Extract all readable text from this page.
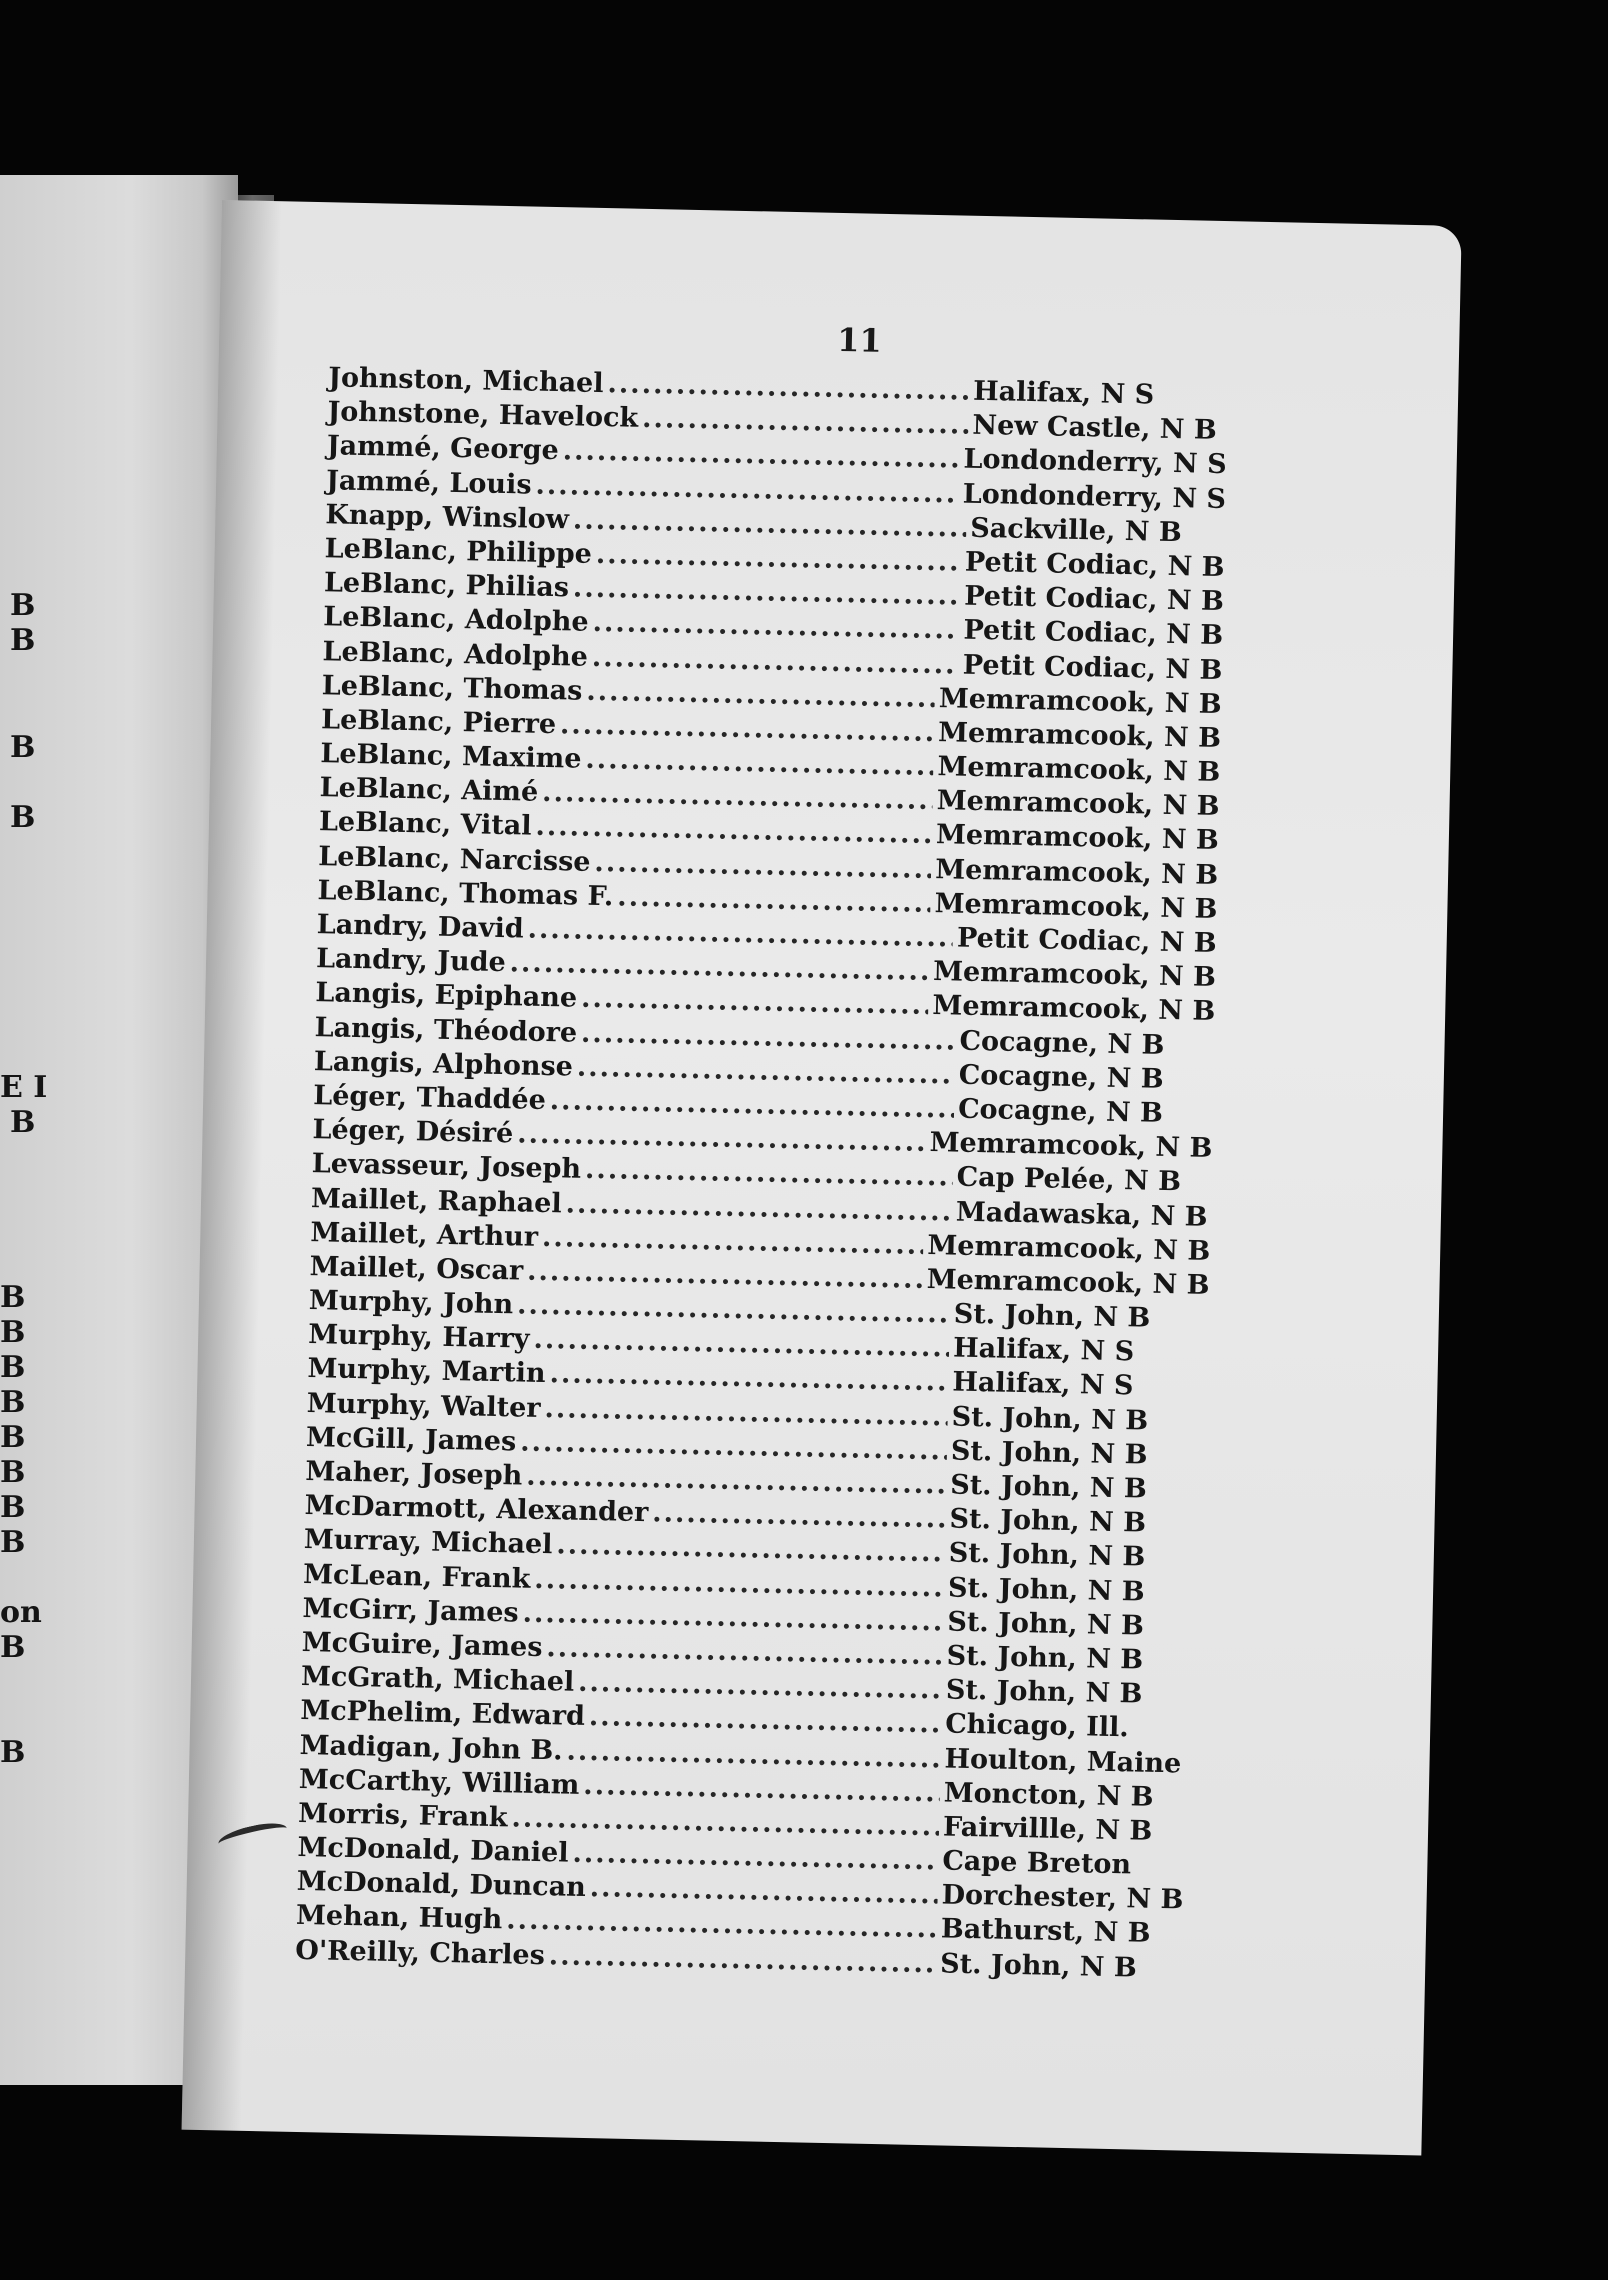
B
B
B
B
E I
B
B
B
B
B
B
B
B
B
on
B
B
11
Johnston, Michael .....	Halifax, N S
Johnstone, Havelock .....	New Castle, N B
Jammé, George .....	Londonderry, N S
Jammé, Louis .....	Londonderry, N S
Knapp, Winslow .....	Sackville, N B
LeBlanc, Philippe .....	Petit Codiac, N B
LeBlanc, Philias .....	Petit Codiac, N B
LeBlanc, Adolphe .....	Petit Codiac, N B
LeBlanc, Adolphe .....	Petit Codiac, N B
LeBlanc, Thomas .....	Memramcook, N B
LeBlanc, Pierre .....	Memramcook, N B
LeBlanc, Maxime .....	Memramcook, N B
LeBlanc, Aimé .....	Memramcook, N B
LeBlanc, Vital .....	Memramcook, N B
LeBlanc, Narcisse .....	Memramcook, N B
LeBlanc, Thomas F. .....	Memramcook, N B
Landry, David .....	Petit Codiac, N B
Landry, Jude .....	Memramcook, N B
Langis, Epiphane .....	Memramcook, N B
Langis, Théodore .....	Cocagne, N B
Langis, Alphonse .....	Cocagne, N B
Léger, Thaddée .....	Cocagne, N B
Léger, Désiré .....	Memramcook, N B
Levasseur, Joseph .....	Cap Pelée, N B
Maillet, Raphael .....	Madawaska, N B
Maillet, Arthur .....	Memramcook, N B
Maillet, Oscar .....	Memramcook, N B
Murphy, John .....	St. John, N B
Murphy, Harry .....	Halifax, N S
Murphy, Martin .....	Halifax, N S
Murphy, Walter .....	St. John, N B
McGill, James .....	St. John, N B
Maher, Joseph .....	St. John, N B
McDarmott, Alexander .....	St. John, N B
Murray, Michael .....	St. John, N B
McLean, Frank .....	St. John, N B
McGirr, James .....	St. John, N B
McGuire, James .....	St. John, N B
McGrath, Michael .....	St. John, N B
McPhelim, Edward .....	Chicago, Ill.
Madigan, John B. .....	Houlton, Maine
McCarthy, William .....	Moncton, N B
Morris, Frank .....	Fairvillle, N B
McDonald, Daniel .....	Cape Breton
McDonald, Duncan .....	Dorchester, N B
Mehan, Hugh .....	Bathurst, N B
O'Reilly, Charles .....	St. John, N B
